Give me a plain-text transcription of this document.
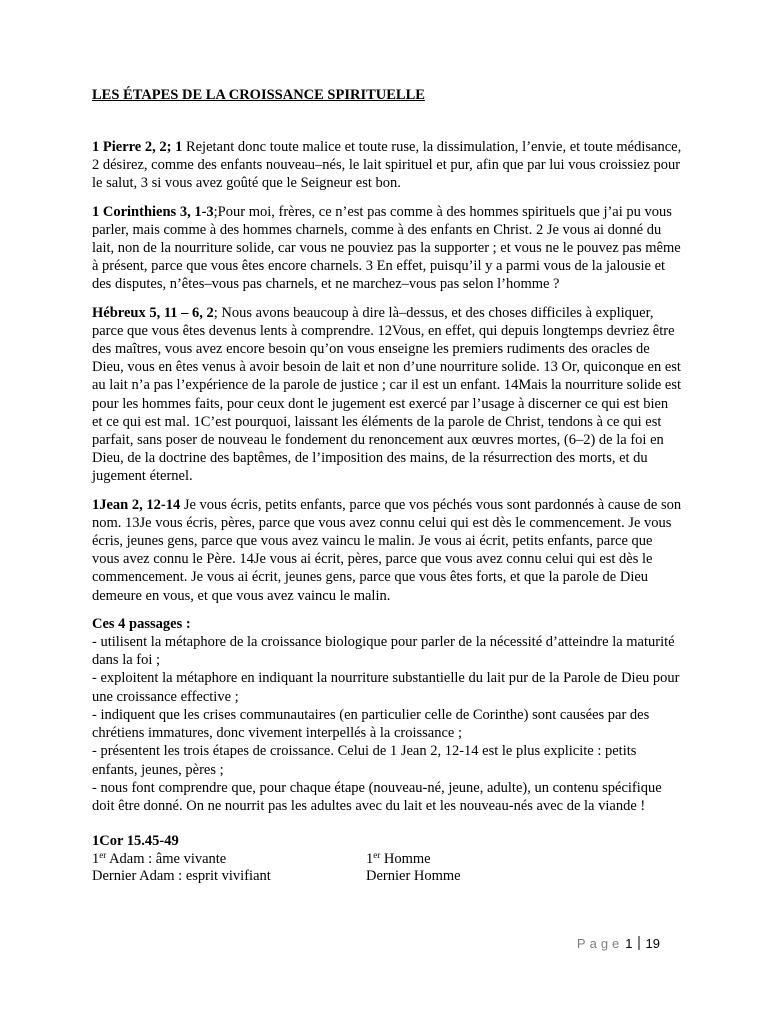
LES ÉTAPES DE LA CROISSANCE SPIRITUELLE

1 Pierre 2, 2; 1 Rejetant donc toute malice et toute ruse, la dissimulation, l’envie, et toute médisance, 2 désirez, comme des enfants nouveau–nés, le lait spirituel et pur, afin que par lui vous croissiez pour le salut, 3 si vous avez goûté que le Seigneur est bon.

1 Corinthiens 3, 1-3;Pour moi, frères, ce n’est pas comme à des hommes spirituels que j’ai pu vous parler, mais comme à des hommes charnels, comme à des enfants en Christ. 2 Je vous ai donné du lait, non de la nourriture solide, car vous ne pouviez pas la supporter ; et vous ne le pouvez pas même à présent, parce que vous êtes encore charnels. 3 En effet, puisqu’il y a parmi vous de la jalousie et des disputes, n’êtes–vous pas charnels, et ne marchez–vous pas selon l’homme ?

Hébreux 5, 11 – 6, 2; Nous avons beaucoup à dire là–dessus, et des choses difficiles à expliquer, parce que vous êtes devenus lents à comprendre. 12Vous, en effet, qui depuis longtemps devriez être des maîtres, vous avez encore besoin qu’on vous enseigne les premiers rudiments des oracles de Dieu, vous en êtes venus à avoir besoin de lait et non d’une nourriture solide. 13 Or, quiconque en est au lait n’a pas l’expérience de la parole de justice ; car il est un enfant. 14Mais la nourriture solide est pour les hommes faits, pour ceux dont le jugement est exercé par l’usage à discerner ce qui est bien et ce qui est mal. 1C’est pourquoi, laissant les éléments de la parole de Christ, tendons à ce qui est parfait, sans poser de nouveau le fondement du renoncement aux œuvres mortes, (6–2) de la foi en Dieu, de la doctrine des baptêmes, de l’imposition des mains, de la résurrection des morts, et du jugement éternel.

1Jean 2, 12-14 Je vous écris, petits enfants, parce que vos péchés vous sont pardonnés à cause de son nom. 13Je vous écris, pères, parce que vous avez connu celui qui est dès le commencement. Je vous écris, jeunes gens, parce que vous avez vaincu le malin. Je vous ai écrit, petits enfants, parce que vous avez connu le Père. 14Je vous ai écrit, pères, parce que vous avez connu celui qui est dès le commencement. Je vous ai écrit, jeunes gens, parce que vous êtes forts, et que la parole de Dieu demeure en vous, et que vous avez vaincu le malin.

Ces 4 passages :
- utilisent la métaphore de la croissance biologique pour parler de la nécessité d’atteindre la maturité dans la foi ;
- exploitent la métaphore en indiquant la nourriture substantielle du lait pur de la Parole de Dieu pour une croissance effective ;
- indiquent que les crises communautaires (en particulier celle de Corinthe) sont causées par des chrétiens immatures, donc vivement interpellés à la croissance ;
- présentent les trois étapes de croissance. Celui de 1 Jean 2, 12-14 est le plus explicite : petits enfants, jeunes, pères ;
- nous font comprendre que, pour chaque étape (nouveau-né, jeune, adulte), un contenu spécifique doit être donné. On ne nourrit pas les adultes avec du lait et les nouveau-nés avec de la viande !

1Cor 15.45-49
1er Adam : âme vivante	1er Homme
Dernier Adam : esprit vivifiant	Dernier Homme
Page 1 19
